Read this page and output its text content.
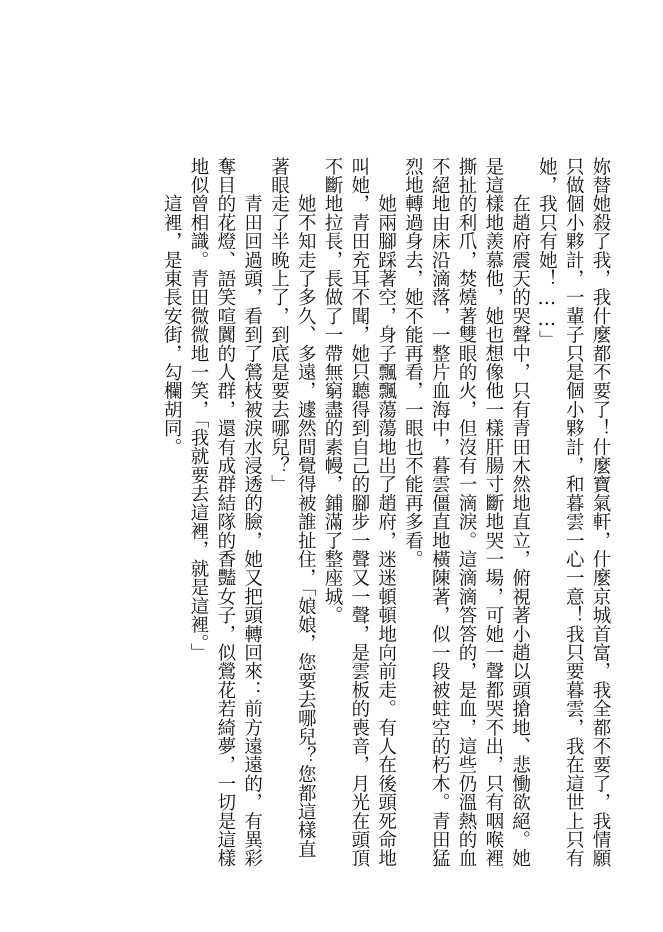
妳替她殺了我，我什麼都不要了！什麼寶氣軒，什麼京城首富，我全都不要了，我情願
只做個小夥計，一輩子只是個小夥計，和暮雲一心一意！我只要暮雲，我在這世上只有
她，我只有她！……」
　　在趙府震天的哭聲中，只有青田木然地直立，俯視著小趙以頭搶地、悲慟欲絕。她
是這樣地羨慕他，她也想像他一樣肝腸寸斷地哭一場，可她一聲都哭不出，只有咽喉裡
撕扯的利爪，焚燒著雙眼的火，但沒有一滴淚。這滴滴答答的，是血，這些仍溫熱的血
不絕地由床沿滴落，一整片血海中，暮雲僵直地橫陳著，似一段被蛀空的朽木。青田猛
烈地轉過身去，她不能再看，一眼也不能再多看。
　　她兩腳踩著空，身子飄飄蕩蕩地出了趙府，迷迷頓頓地向前走。有人在後頭死命地
叫她，青田充耳不聞，她只聽得到自己的腳步一聲又一聲，是雲板的喪音，月光在頭頂
不斷地拉長，長做了一帶無窮盡的素幔，鋪滿了整座城。
　　她不知走了多久、多遠，遽然間覺得被誰扯住，「娘娘，您要去哪兒？您都這樣直
著眼走了半晚上了，到底是要去哪兒？」
　　青田回過頭，看到了鶯枝被淚水浸透的臉，她又把頭轉回來：前方遠遠的，有異彩
奪目的花燈、語笑喧闐的人群，還有成群結隊的香豔女子，似鶯花若綺夢，一切是這樣
地似曾相識。青田微微地一笑，「我就要去這裡，就是這裡。」
　　這裡，是東長安街，勾欄胡同。
